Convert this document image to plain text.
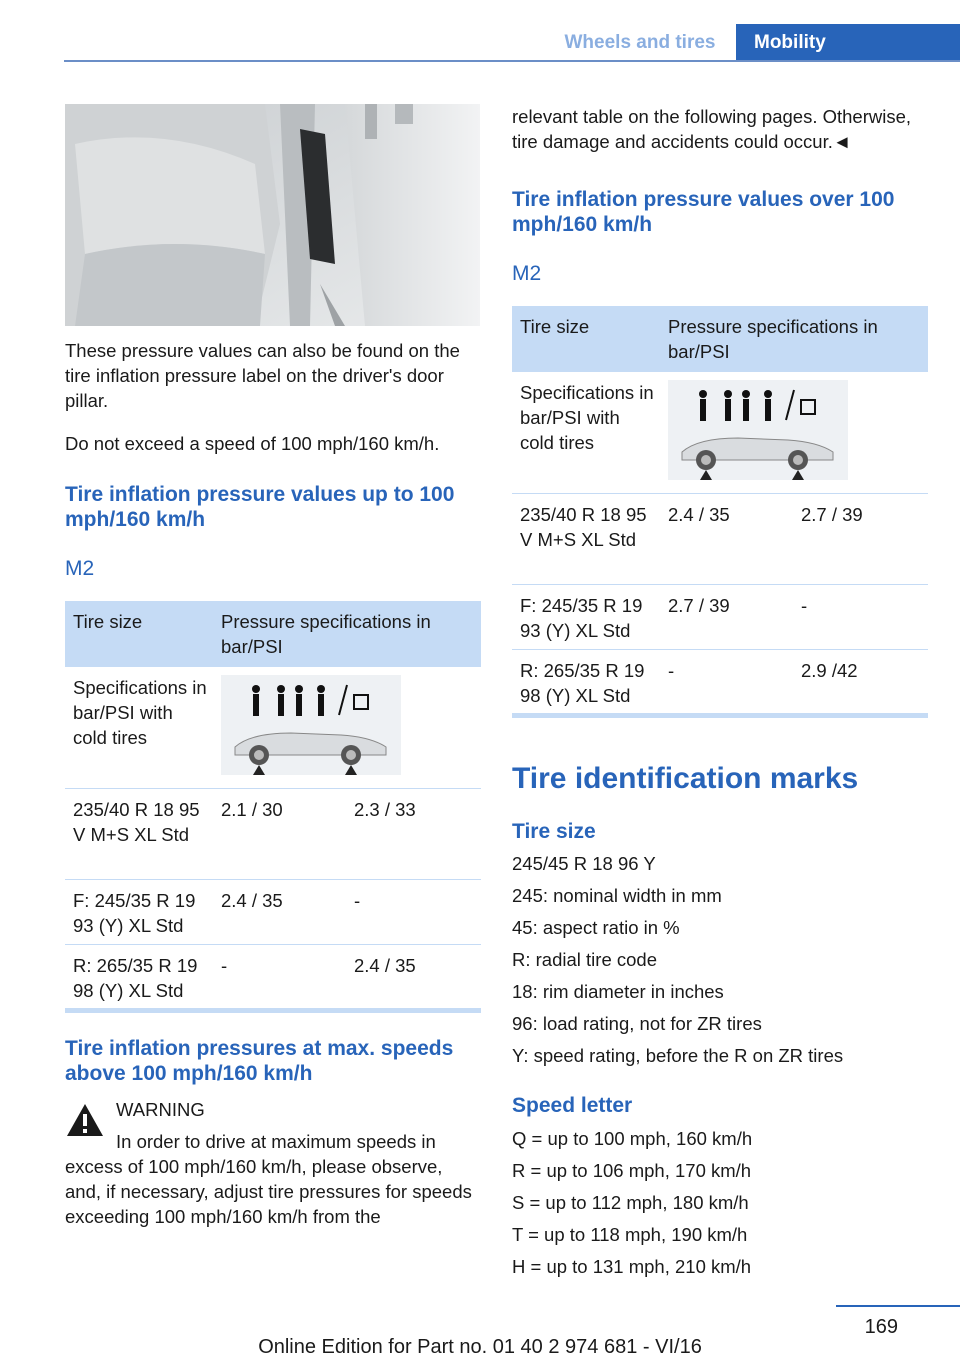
Wheels and tires	Mobility

These pressure values can also be found on the tire inflation pressure label on the driver's door pillar.

Do not exceed a speed of 100 mph/160 km/h.

Tire inflation pressure values up to 100 mph/160 km/h
M2
Tire size	Pressure specifications in bar/PSI
Specifications in bar/PSI with cold tires
235/40 R 18 95 V M+S XL Std
2.1 / 30	2.3 / 33
F: 245/35 R 19 93 (Y) XL Std
2.4 / 35	-
R: 265/35 R 19 98 (Y) XL Std
-	2.4 / 35
Tire inflation pressures at max. speeds above 100 mph/160 km/h
WARNING
In order to drive at maximum speeds in

excess of 100 mph/160 km/h, please observe, and, if necessary, adjust tire pressures for speeds exceeding 100 mph/160 km/h from the

relevant table on the following pages. Otherwise, tire damage and accidents could occur.◄

Tire inflation pressure values over 100 mph/160 km/h
M2
Tire size	Pressure specifications in bar/PSI
Specifications in bar/PSI with cold tires
235/40 R 18 95 V M+S XL Std
2.4 / 35	2.7 / 39
F: 245/35 R 19 93 (Y) XL Std
2.7 / 39	-
R: 265/35 R 19 98 (Y) XL Std
-	2.9 /42
Tire identification marks
Tire size
245/45 R 18 96 Y
245: nominal width in mm
45: aspect ratio in %
R: radial tire code
18: rim diameter in inches
96: load rating, not for ZR tires
Y: speed rating, before the R on ZR tires
Speed letter
Q = up to 100 mph, 160 km/h
R = up to 106 mph, 170 km/h
S = up to 112 mph, 180 km/h
T = up to 118 mph, 190 km/h
H = up to 131 mph, 210 km/h
169
Online Edition for Part no. 01 40 2 974 681 - VI/16
